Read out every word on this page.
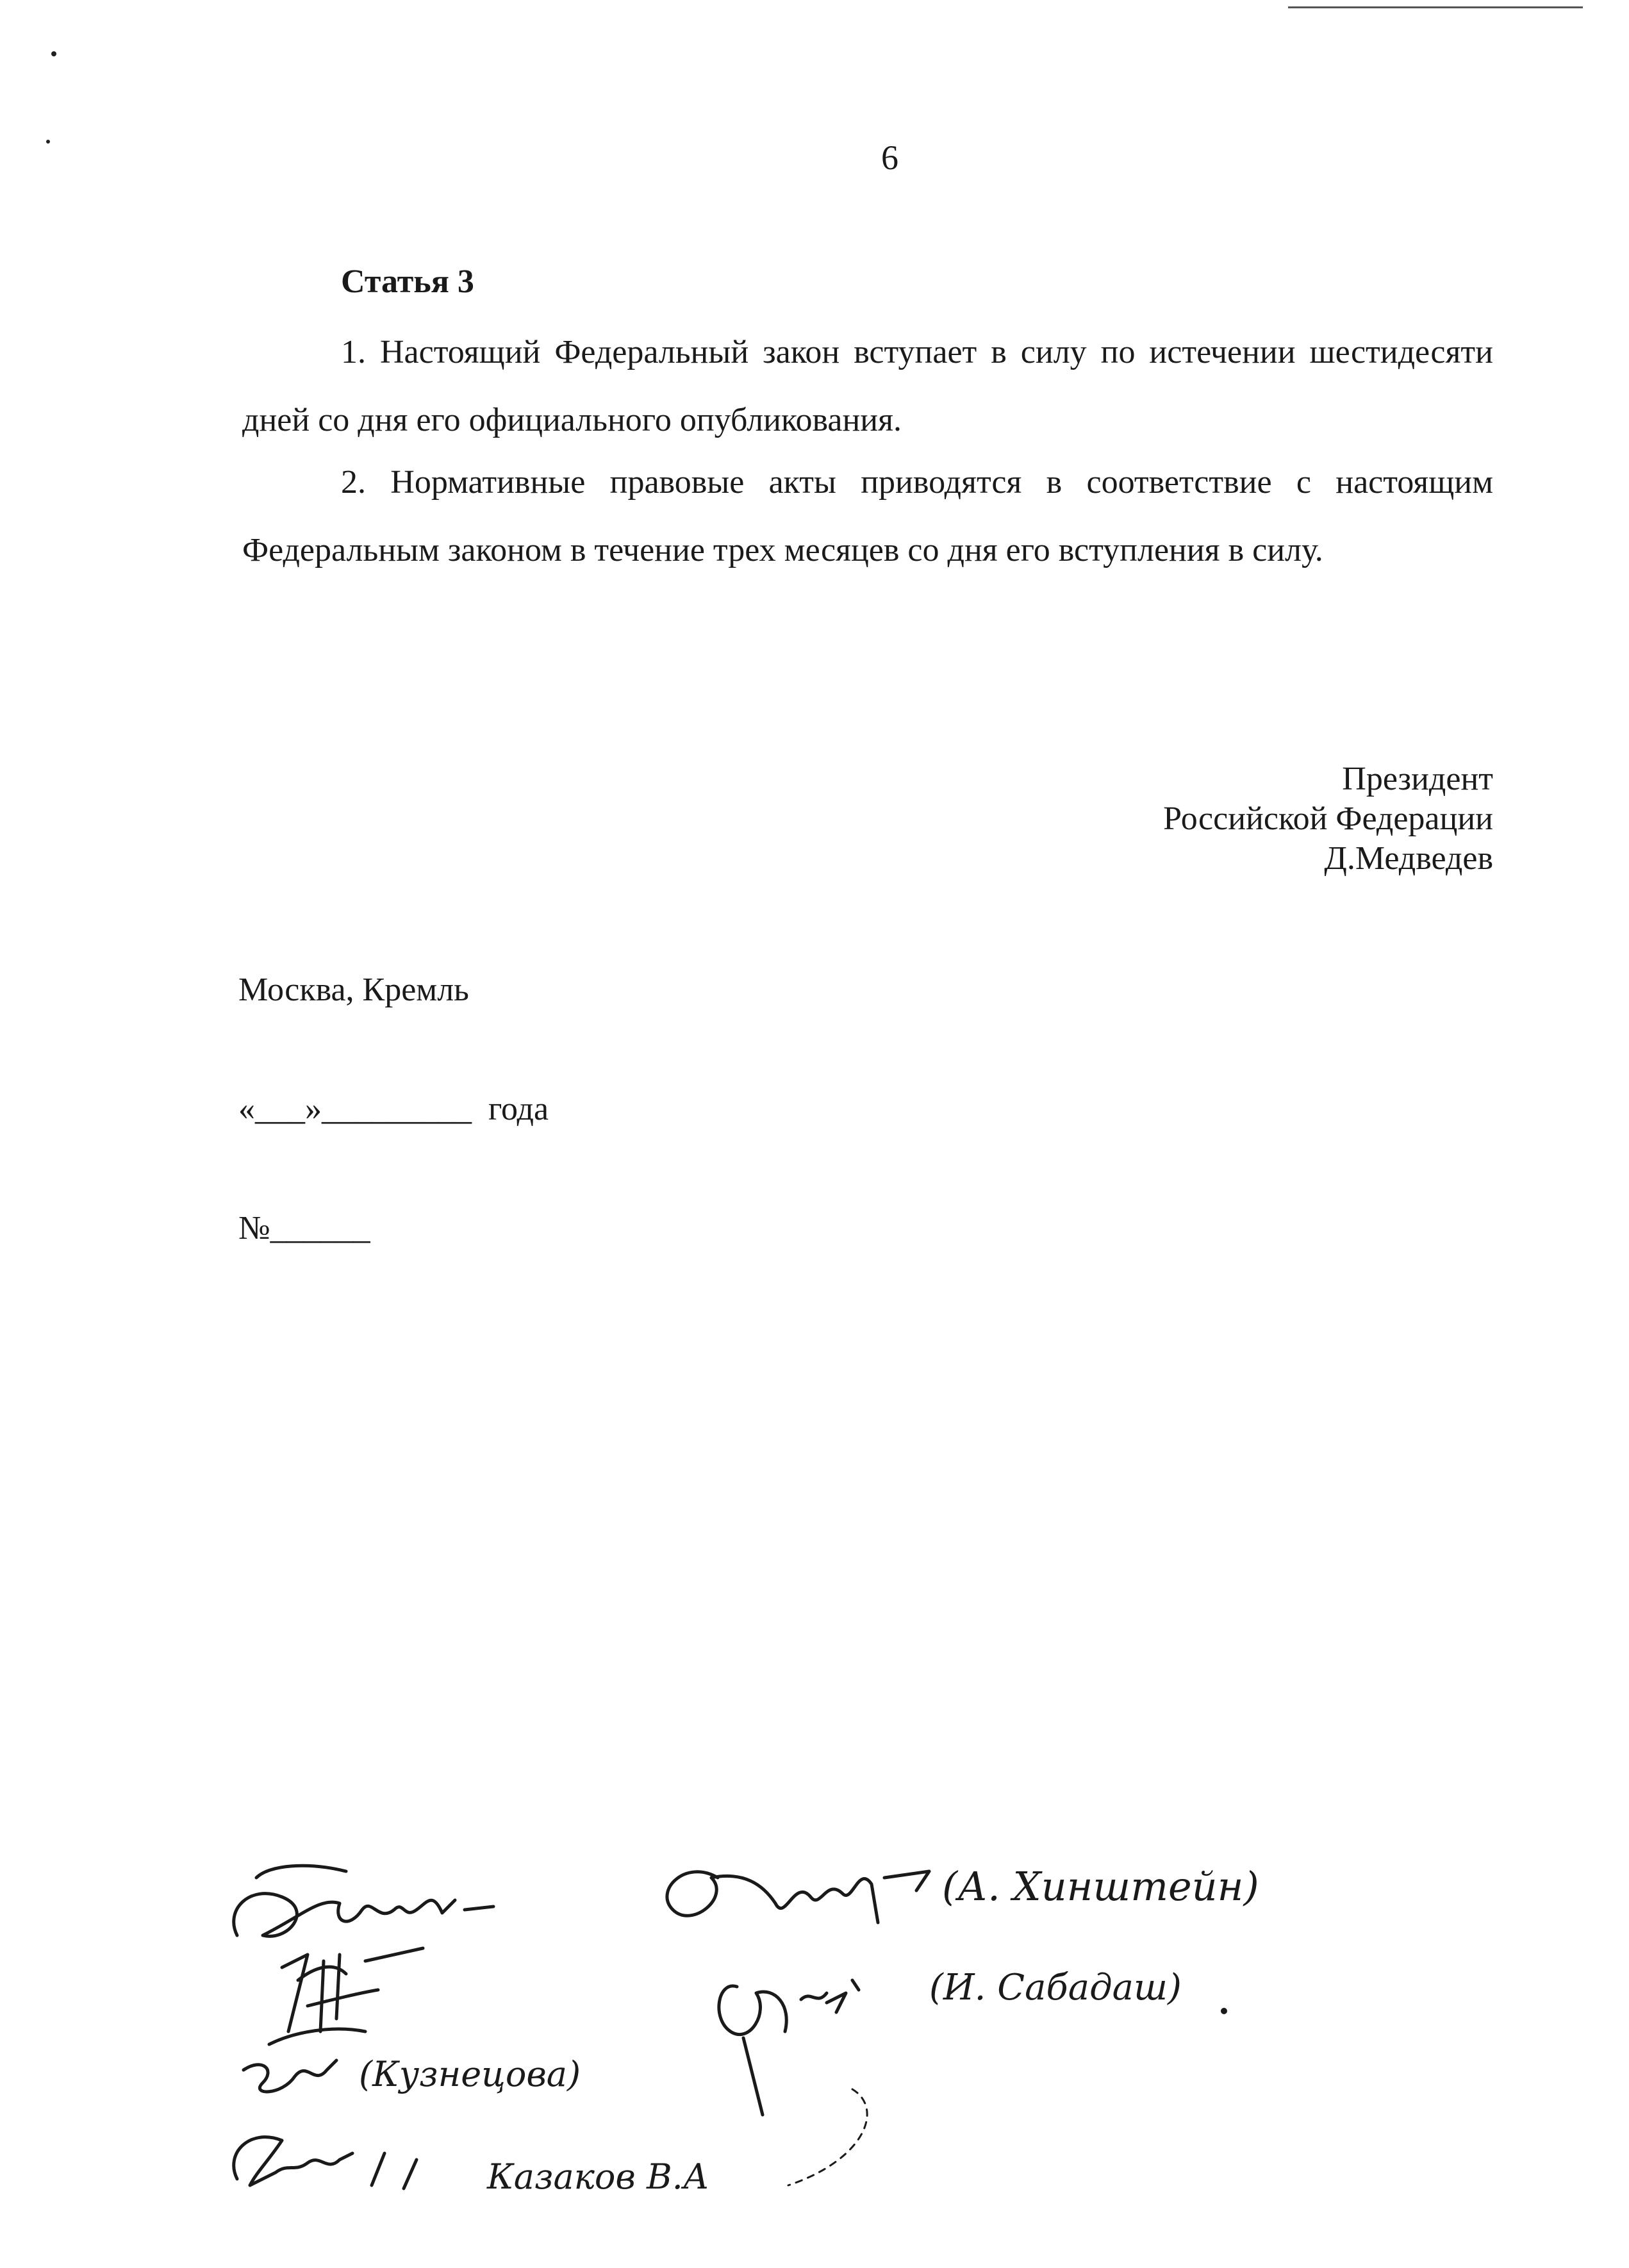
6
Статья 3

1. Настоящий Федеральный закон вступает в силу по истечении шестидесяти дней со дня его официального опубликования.

2. Нормативные правовые акты приводятся в соответствие с настоящим Федеральным законом в течение трех месяцев со дня его вступления в силу.

Президент
Российской Федерации
Д.Медведев

Москва, Кремль

«___»_________  года

№______

(А. Хинштейн)
(И. Сабадаш)
(Кузнецова)
Казаков В.А
